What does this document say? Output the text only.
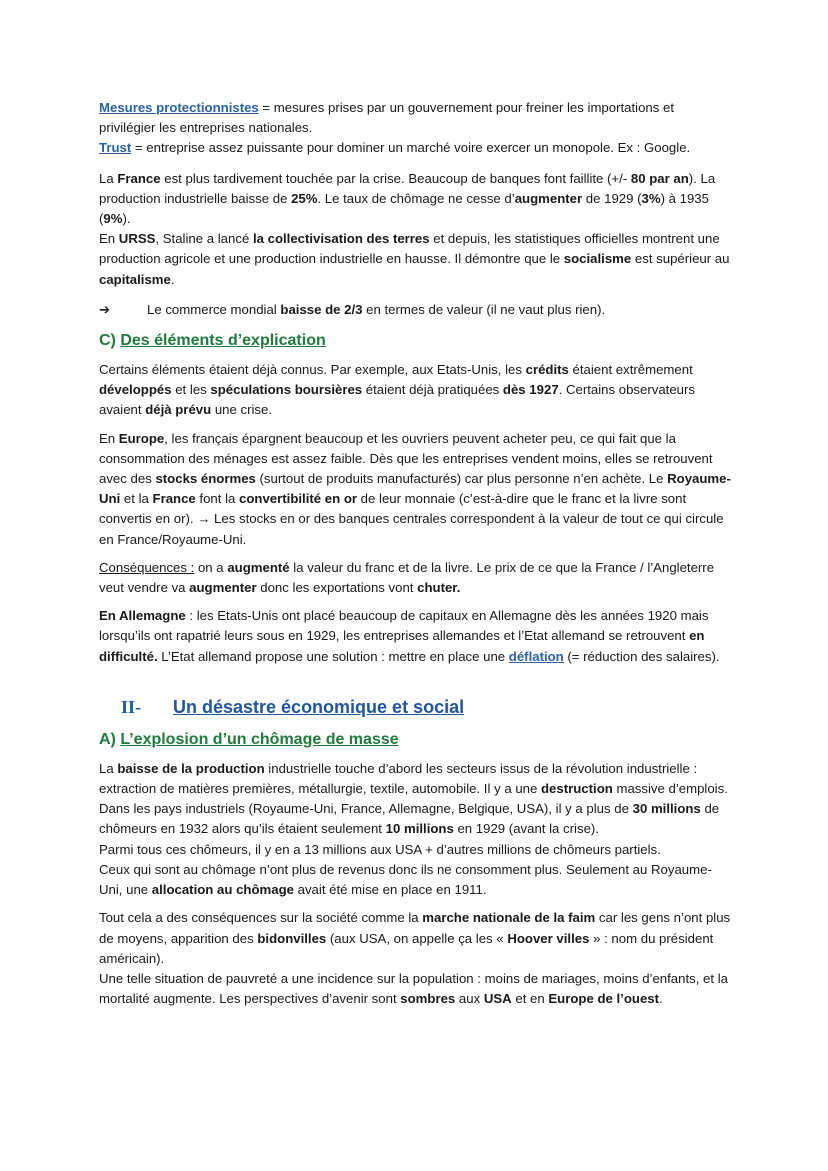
Mesures protectionnistes = mesures prises par un gouvernement pour freiner les importations et privilégier les entreprises nationales.

Trust = entreprise assez puissante pour dominer un marché voire exercer un monopole. Ex : Google.

La France est plus tardivement touchée par la crise. Beaucoup de banques font faillite (+/- 80 par an). La production industrielle baisse de 25%. Le taux de chômage ne cesse d’augmenter de 1929 (3%) à 1935 (9%).
En URSS, Staline a lancé la collectivisation des terres et depuis, les statistiques officielles montrent une production agricole et une production industrielle en hausse. Il démontre que le socialisme est supérieur au capitalisme.

➔	Le commerce mondial baisse de 2/3 en termes de valeur (il ne vaut plus rien).

C) Des éléments d’explication

Certains éléments étaient déjà connus. Par exemple, aux Etats-Unis, les crédits étaient extrêmement développés et les spéculations boursières étaient déjà pratiquées dès 1927. Certains observateurs avaient déjà prévu une crise.

En Europe, les français épargnent beaucoup et les ouvriers peuvent acheter peu, ce qui fait que la consommation des ménages est assez faible. Dès que les entreprises vendent moins, elles se retrouvent avec des stocks énormes (surtout de produits manufacturés) car plus personne n’en achète. Le Royaume-Uni et la France font la convertibilité en or de leur monnaie (c’est-à-dire que le franc et la livre sont convertis en or). → Les stocks en or des banques centrales correspondent à la valeur de tout ce qui circule en France/Royaume-Uni.

Conséquences : on a augmenté la valeur du franc et de la livre. Le prix de ce que la France / l’Angleterre veut vendre va augmenter donc les exportations vont chuter.

En Allemagne : les Etats-Unis ont placé beaucoup de capitaux en Allemagne dès les années 1920 mais lorsqu’ils ont rapatrié leurs sous en 1929, les entreprises allemandes et l’Etat allemand se retrouvent en difficulté. L’Etat allemand propose une solution : mettre en place une déflation (= réduction des salaires).

II-	Un désastre économique et social
A) L’explosion d’un chômage de masse

La baisse de la production industrielle touche d’abord les secteurs issus de la révolution industrielle : extraction de matières premières, métallurgie, textile, automobile. Il y a une destruction massive d’emplois.
Dans les pays industriels (Royaume-Uni, France, Allemagne, Belgique, USA), il y a plus de 30 millions de chômeurs en 1932 alors qu’ils étaient seulement 10 millions en 1929 (avant la crise).
Parmi tous ces chômeurs, il y en a 13 millions aux USA + d’autres millions de chômeurs partiels.
Ceux qui sont au chômage n’ont plus de revenus donc ils ne consomment plus. Seulement au Royaume-Uni, une allocation au chômage avait été mise en place en 1911.

Tout cela a des conséquences sur la société comme la marche nationale de la faim car les gens n’ont plus de moyens, apparition des bidonvilles (aux USA, on appelle ça les « Hoover villes » : nom du président américain).
Une telle situation de pauvreté a une incidence sur la population : moins de mariages, moins d’enfants, et la mortalité augmente. Les perspectives d’avenir sont sombres aux USA et en Europe de l’ouest.
